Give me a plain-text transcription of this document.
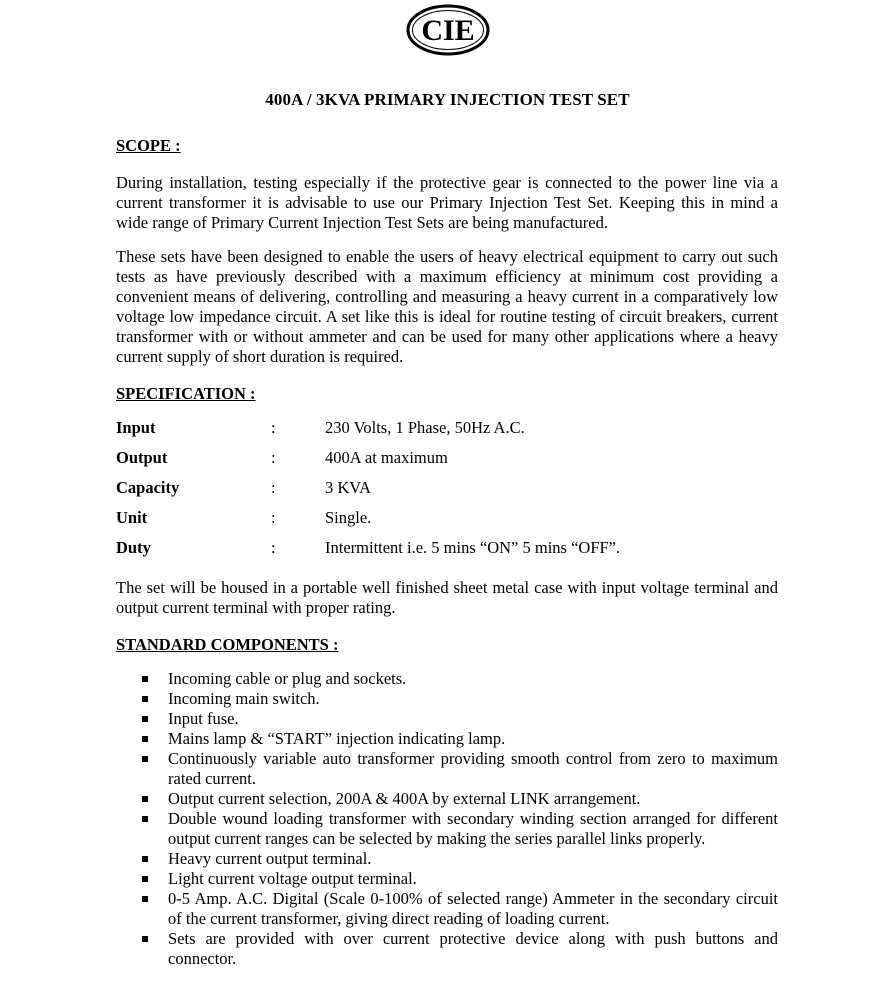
CIE
400A / 3KVA PRIMARY INJECTION TEST SET

SCOPE :

During installation, testing especially if the protective gear is connected to the power line via a current transformer it is advisable to use our Primary Injection Test Set. Keeping this in mind a wide range of Primary Current Injection Test Sets are being manufactured.

These sets have been designed to enable the users of heavy electrical equipment to carry out such tests as have previously described with a maximum efficiency at minimum cost providing a convenient means of delivering, controlling and measuring a heavy current in a comparatively low voltage low impedance circuit. A set like this is ideal for routine testing of circuit breakers, current transformer with or without ammeter and can be used for many other applications where a heavy current supply of short duration is required.

SPECIFICATION :

Input	:	230 Volts, 1 Phase, 50Hz A.C.

Output	:	400A at maximum

Capacity	:	3 KVA

Unit	:	Single.

Duty	:	Intermittent i.e. 5 mins “ON” 5 mins “OFF”.

The set will be housed in a portable well finished sheet metal case with input voltage terminal and output current terminal with proper rating.

STANDARD COMPONENTS :

Incoming cable or plug and sockets.
Incoming main switch.
Input fuse.
Mains lamp & “START” injection indicating lamp.
Continuously variable auto transformer providing smooth control from zero to maximum rated current.
Output current selection, 200A & 400A by external LINK arrangement.
Double wound loading transformer with secondary winding section arranged for different output current ranges can be selected by making the series parallel links properly.
Heavy current output terminal.
Light current voltage output terminal.
0-5 Amp. A.C. Digital (Scale 0-100% of selected range) Ammeter in the secondary circuit of the current transformer, giving direct reading of loading current.
Sets are provided with over current protective device along with push buttons and connector.
